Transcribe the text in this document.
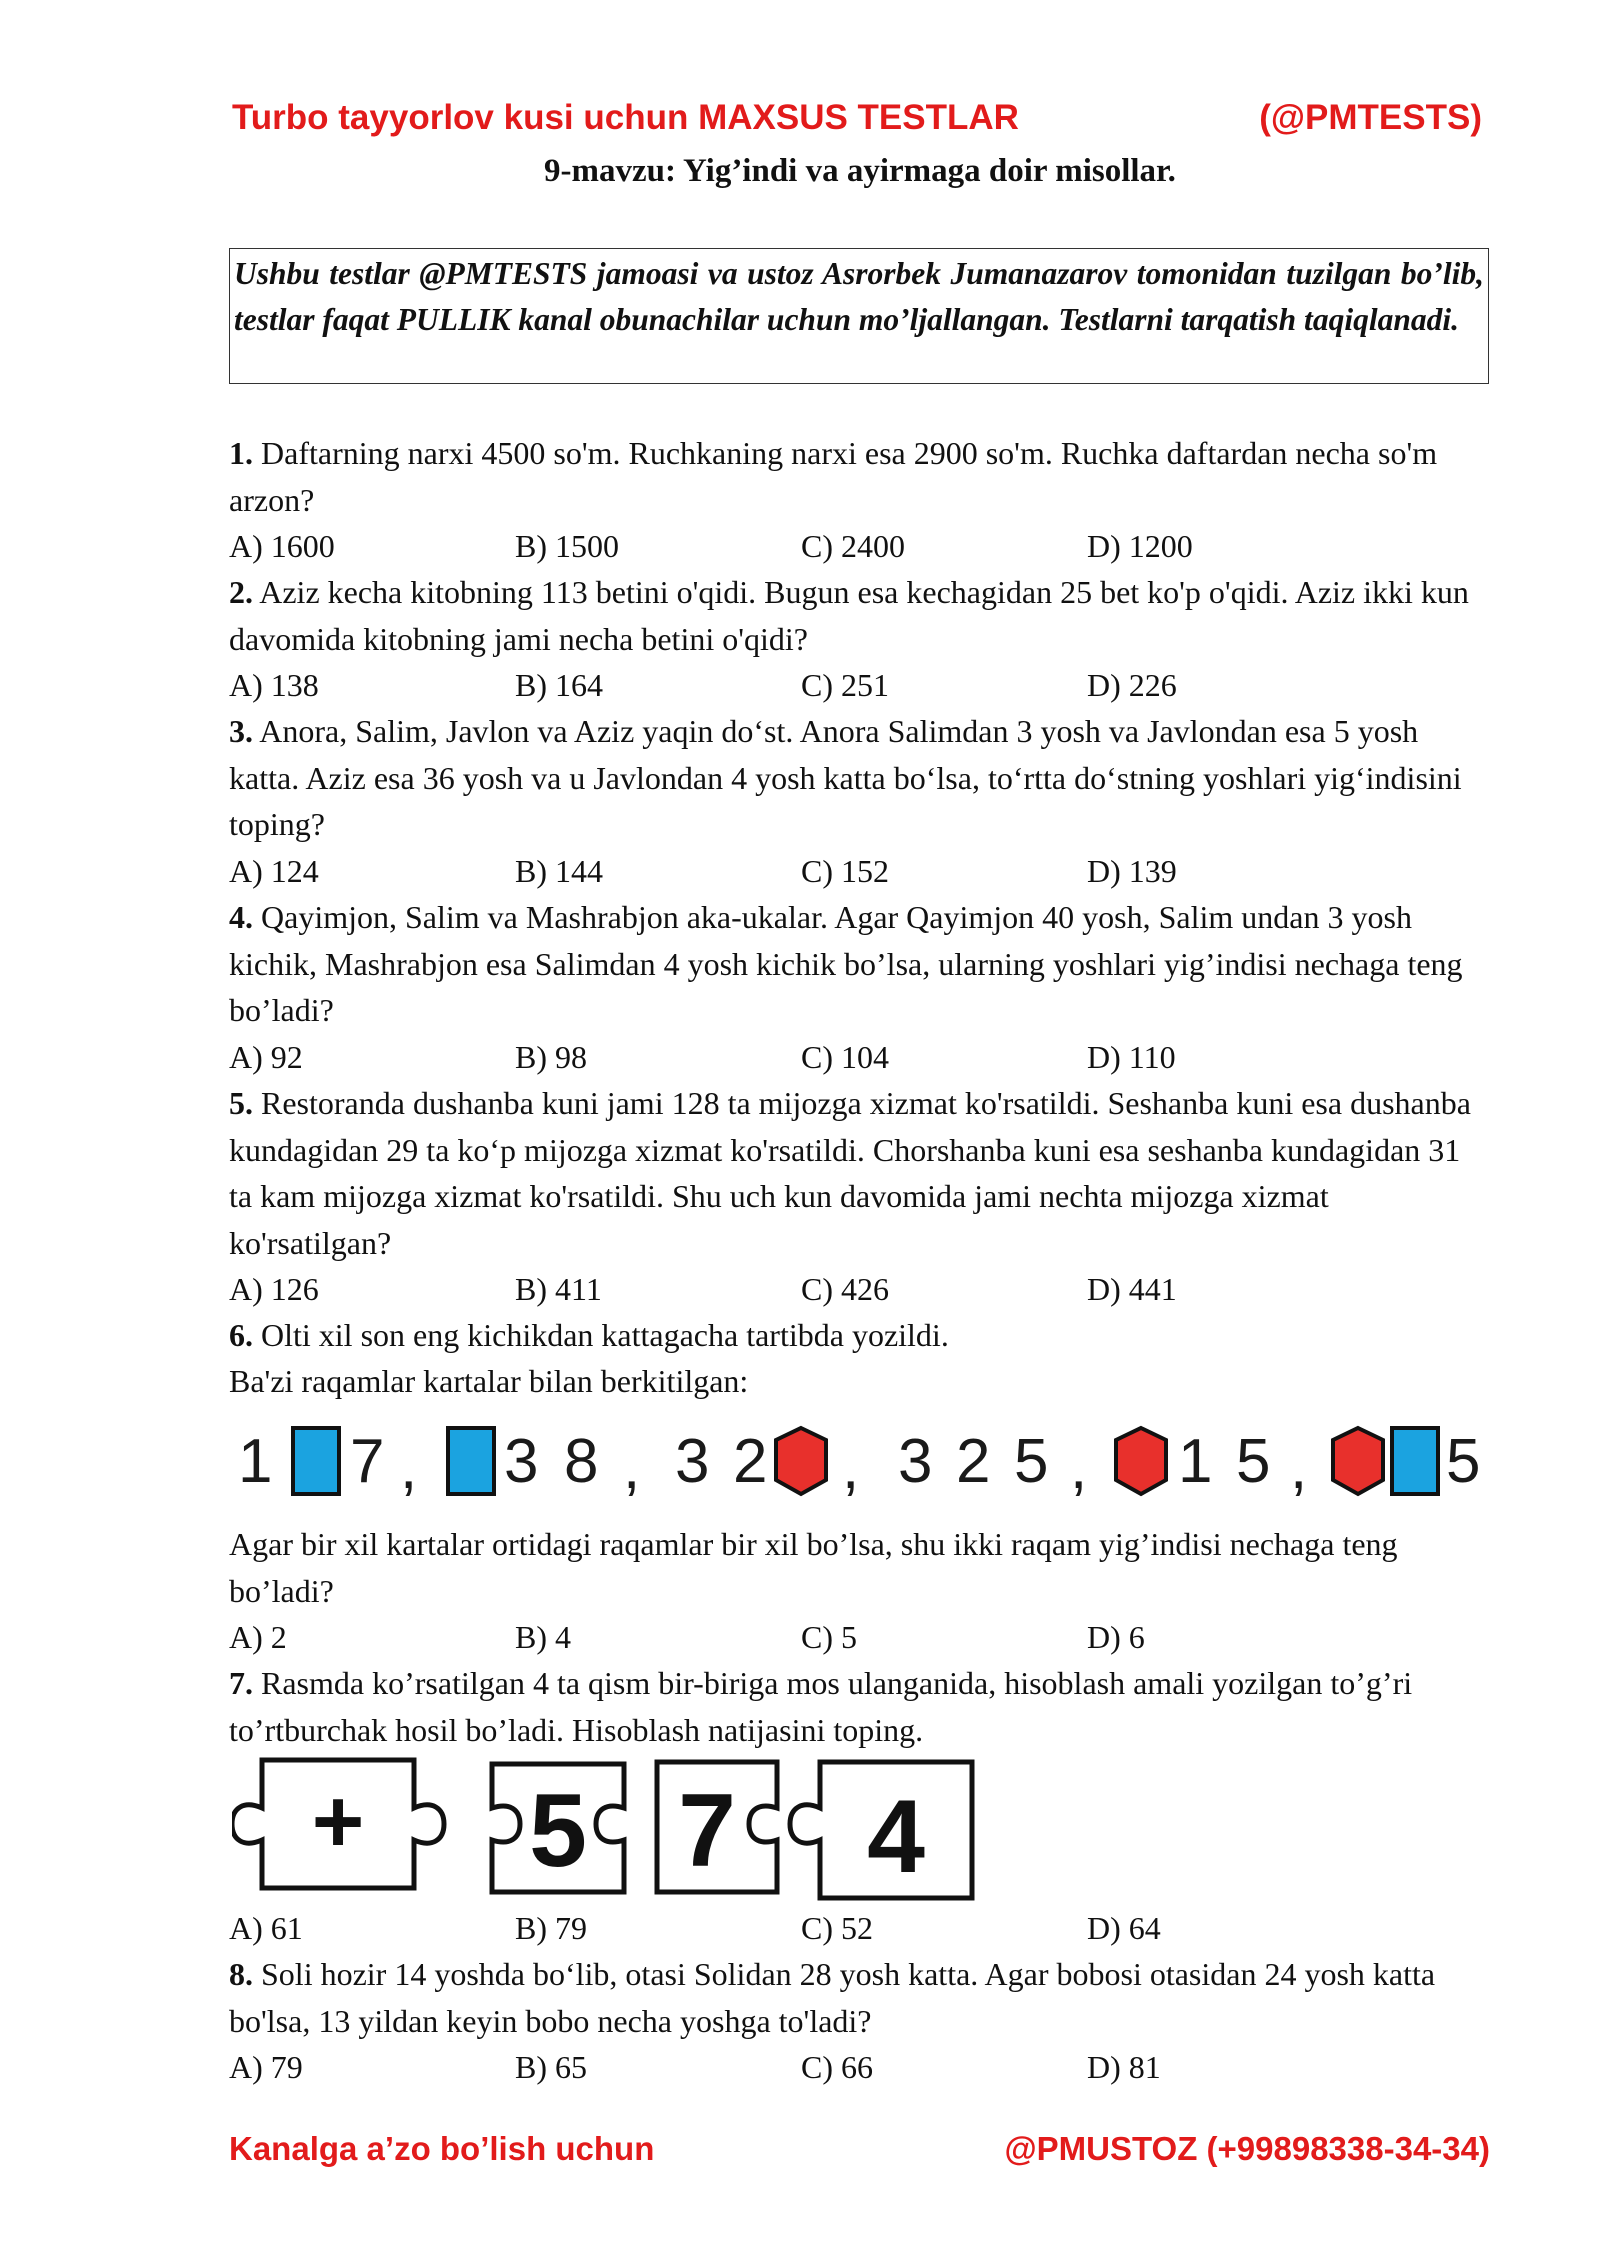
Turbo tayyorlov kusi uchun MAXSUS TESTLAR	(@PMTESTS)
9-mavzu: Yig’indi va ayirmaga doir misollar.

Ushbu testlar @PMTESTS jamoasi va ustoz Asrorbek Jumanazarov tomonidan tuzilgan bo’lib, testlar faqat PULLIK kanal obunachilar uchun mo’ljallangan. Testlarni tarqatish taqiqlanadi.

1. Daftarning narxi 4500 so'm. Ruchkaning narxi esa 2900 so'm. Ruchka daftardan necha so'm arzon?

A) 1600	B) 1500	C) 2400	D) 1200

2. Aziz kecha kitobning 113 betini o'qidi. Bugun esa kechagidan 25 bet ko'p o'qidi. Aziz ikki kun davomida kitobning jami necha betini o'qidi?

A) 138	B) 164	C) 251	D) 226

3. Anora, Salim, Javlon va Aziz yaqin do‘st. Anora Salimdan 3 yosh va Javlondan esa 5 yosh katta. Aziz esa 36 yosh va u Javlondan 4 yosh katta bo‘lsa, to‘rtta do‘stning yoshlari yig‘indisini toping?

A) 124	B) 144	C) 152	D) 139

4. Qayimjon, Salim va Mashrabjon aka-ukalar. Agar Qayimjon 40 yosh, Salim undan 3 yosh kichik, Mashrabjon esa Salimdan 4 yosh kichik bo’lsa, ularning yoshlari yig’indisi nechaga teng bo’ladi?

A) 92	B) 98	C) 104	D) 110

5. Restoranda dushanba kuni jami 128 ta mijozga xizmat ko'rsatildi. Seshanba kuni esa dushanba kundagidan 29 ta ko‘p mijozga xizmat ko'rsatildi. Chorshanba kuni esa seshanba kundagidan 31 ta kam mijozga xizmat ko'rsatildi. Shu uch kun davomida jami nechta mijozga xizmat ko'rsatilgan?

A) 126	B) 411	C) 426	D) 441

6. Olti xil son eng kichikdan kattagacha tartibda yozildi.

Ba'zi raqamlar kartalar bilan berkitilgan:

1 7 , 3 8 , 3 2 , 3 2 5 , 1 5 , 5

Agar bir xil kartalar ortidagi raqamlar bir xil bo’lsa, shu ikki raqam yig’indisi nechaga teng bo’ladi?

A) 2	B) 4	C) 5	D) 6

7. Rasmda ko’rsatilgan 4 ta qism bir-biriga mos ulanganida, hisoblash amali yozilgan to’g’ri to’rtburchak hosil bo’ladi. Hisoblash natijasini toping.

+ 5 7 4
A) 61	B) 79	C) 52	D) 64

8. Soli hozir 14 yoshda bo‘lib, otasi Solidan 28 yosh katta. Agar bobosi otasidan 24 yosh katta bo'lsa, 13 yildan keyin bobo necha yoshga to'ladi?

A) 79	B) 65	C) 66	D) 81
Kanalga a’zo bo’lish uchun	@PMUSTOZ (+99898338-34-34)
